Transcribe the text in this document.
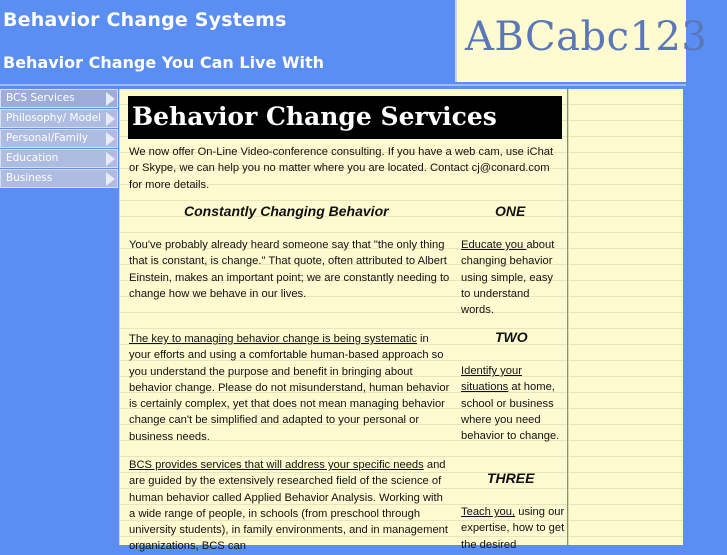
Behavior Change Systems
Behavior Change You Can Live With
ABCabc123
BCS Services
Philosophy/ Model
Personal/Family
Education
Business
Behavior Change Services

We now offer On-Line Video-conference consulting. If you have a web cam, use iChat or Skype, we can help you no matter where you are located. Contact cj@conard.com for more details.

Constantly Changing Behavior	ONE

You've probably already heard someone say that "the only thing that is constant, is change." That quote, often attributed to Albert Einstein, makes an important point; we are constantly needing to change how we behave in our lives.

The key to managing behavior change is being systematic in your efforts and using a comfortable human-based approach so you understand the purpose and benefit in bringing about behavior change. Please do not misunderstand, human behavior is certainly complex, yet that does not mean managing behavior change can't be simplified and adapted to your personal or business needs.

BCS provides services that will address your specific needs and are guided by the extensively researched field of the science of human behavior called Applied Behavior Analysis. Working with a wide range of people, in schools (from preschool through university students), in family environments, and in management organizations, BCS can

Educate you about changing behavior using simple, easy to understand words.

TWO

Identify your situations at home, school or business where you need behavior to change.

THREE

Teach you, using our expertise, how to get the desired
